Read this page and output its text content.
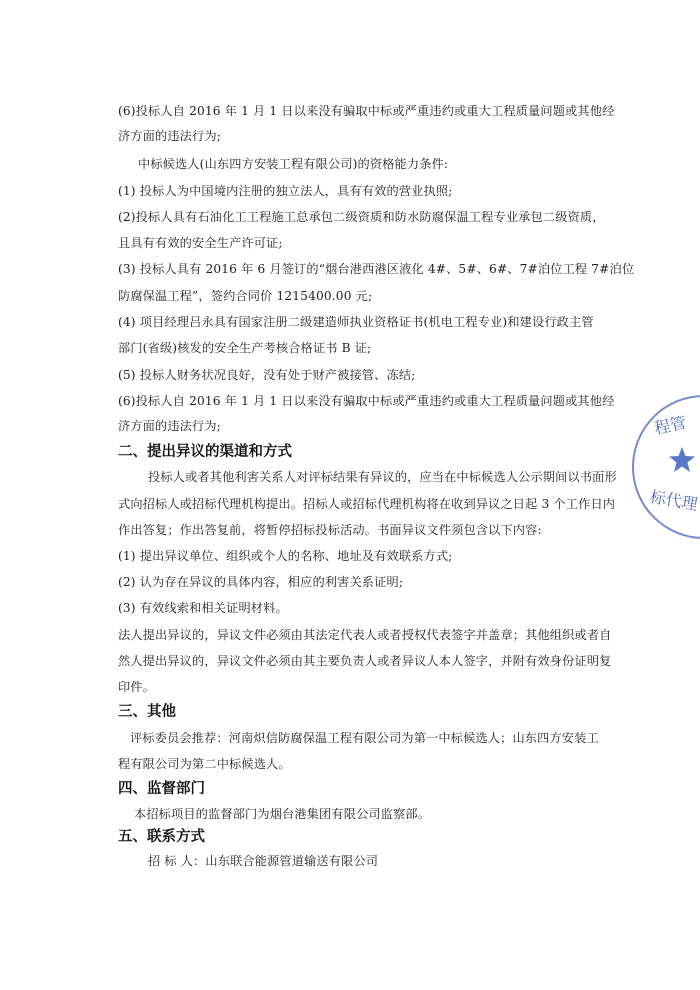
(6)投标人自 2016 年 1 月 1 日以来没有骗取中标或严重违约或重大工程质量问题或其他经
济方面的违法行为;
中标候选人(山东四方安装工程有限公司)的资格能力条件:
(1) 投标人为中国境内注册的独立法人，具有有效的营业执照;
(2)投标人具有石油化工工程施工总承包二级资质和防水防腐保温工程专业承包二级资质，
且具有有效的安全生产许可证;
(3) 投标人具有 2016 年 6 月签订的“烟台港西港区液化 4#、5#、6#、7#泊位工程 7#泊位
防腐保温工程”，签约合同价 1215400.00 元;
(4) 项目经理吕永具有国家注册二级建造师执业资格证书(机电工程专业)和建设行政主管
部门(省级)核发的安全生产考核合格证书 B 证;
(5) 投标人财务状况良好，没有处于财产被接管、冻结;
(6)投标人自 2016 年 1 月 1 日以来没有骗取中标或严重违约或重大工程质量问题或其他经
济方面的违法行为;
二、提出异议的渠道和方式
投标人或者其他利害关系人对评标结果有异议的，应当在中标候选人公示期间以书面形
式向招标人或招标代理机构提出。招标人或招标代理机构将在收到异议之日起 3 个工作日内
作出答复；作出答复前，将暂停招标投标活动。书面异议文件须包含以下内容:
(1) 提出异议单位、组织或个人的名称、地址及有效联系方式;
(2) 认为存在异议的具体内容，相应的利害关系证明;
(3) 有效线索和相关证明材料。
法人提出异议的，异议文件必须由其法定代表人或者授权代表签字并盖章；其他组织或者自
然人提出异议的，异议文件必须由其主要负责人或者异议人本人签字，并附有效身份证明复
印件。
三、其他
评标委员会推荐：河南炽信防腐保温工程有限公司为第一中标候选人；山东四方安装工
程有限公司为第二中标候选人。
四、监督部门
本招标项目的监督部门为烟台港集团有限公司监察部。
五、联系方式
招 标 人：山东联合能源管道输送有限公司
程管
标代理
